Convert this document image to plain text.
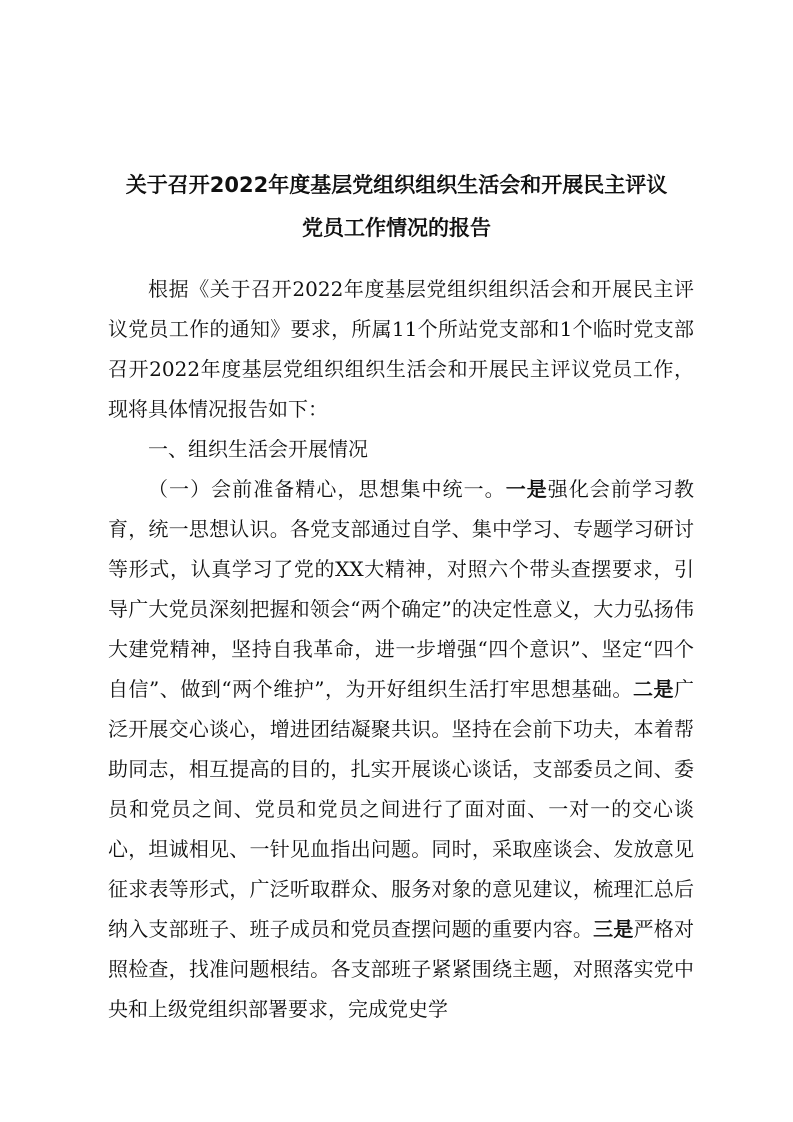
关于召开2022年度基层党组织组织生活会和开展民主评议
党员工作情况的报告

根据《关于召开2022年度基层党组织组织活会和开展民主评议党员工作的通知》要求，所属11个所站党支部和1个临时党支部召开2022年度基层党组织组织生活会和开展民主评议党员工作，现将具体情况报告如下：

一、组织生活会开展情况

（一）会前准备精心，思想集中统一。一是强化会前学习教育，统一思想认识。各党支部通过自学、集中学习、专题学习研讨等形式，认真学习了党的XX大精神，对照六个带头查摆要求，引导广大党员深刻把握和领会“两个确定”的决定性意义，大力弘扬伟大建党精神，坚持自我革命，进一步增强“四个意识”、坚定“四个自信”、做到“两个维护”，为开好组织生活打牢思想基础。二是广泛开展交心谈心，增进团结凝聚共识。坚持在会前下功夫，本着帮助同志，相互提高的目的，扎实开展谈心谈话，支部委员之间、委员和党员之间、党员和党员之间进行了面对面、一对一的交心谈心，坦诚相见、一针见血指出问题。同时，采取座谈会、发放意见征求表等形式，广泛听取群众、服务对象的意见建议，梳理汇总后纳入支部班子、班子成员和党员查摆问题的重要内容。三是严格对照检查，找准问题根结。各支部班子紧紧围绕主题，对照落实党中央和上级党组织部署要求，完成党史学
